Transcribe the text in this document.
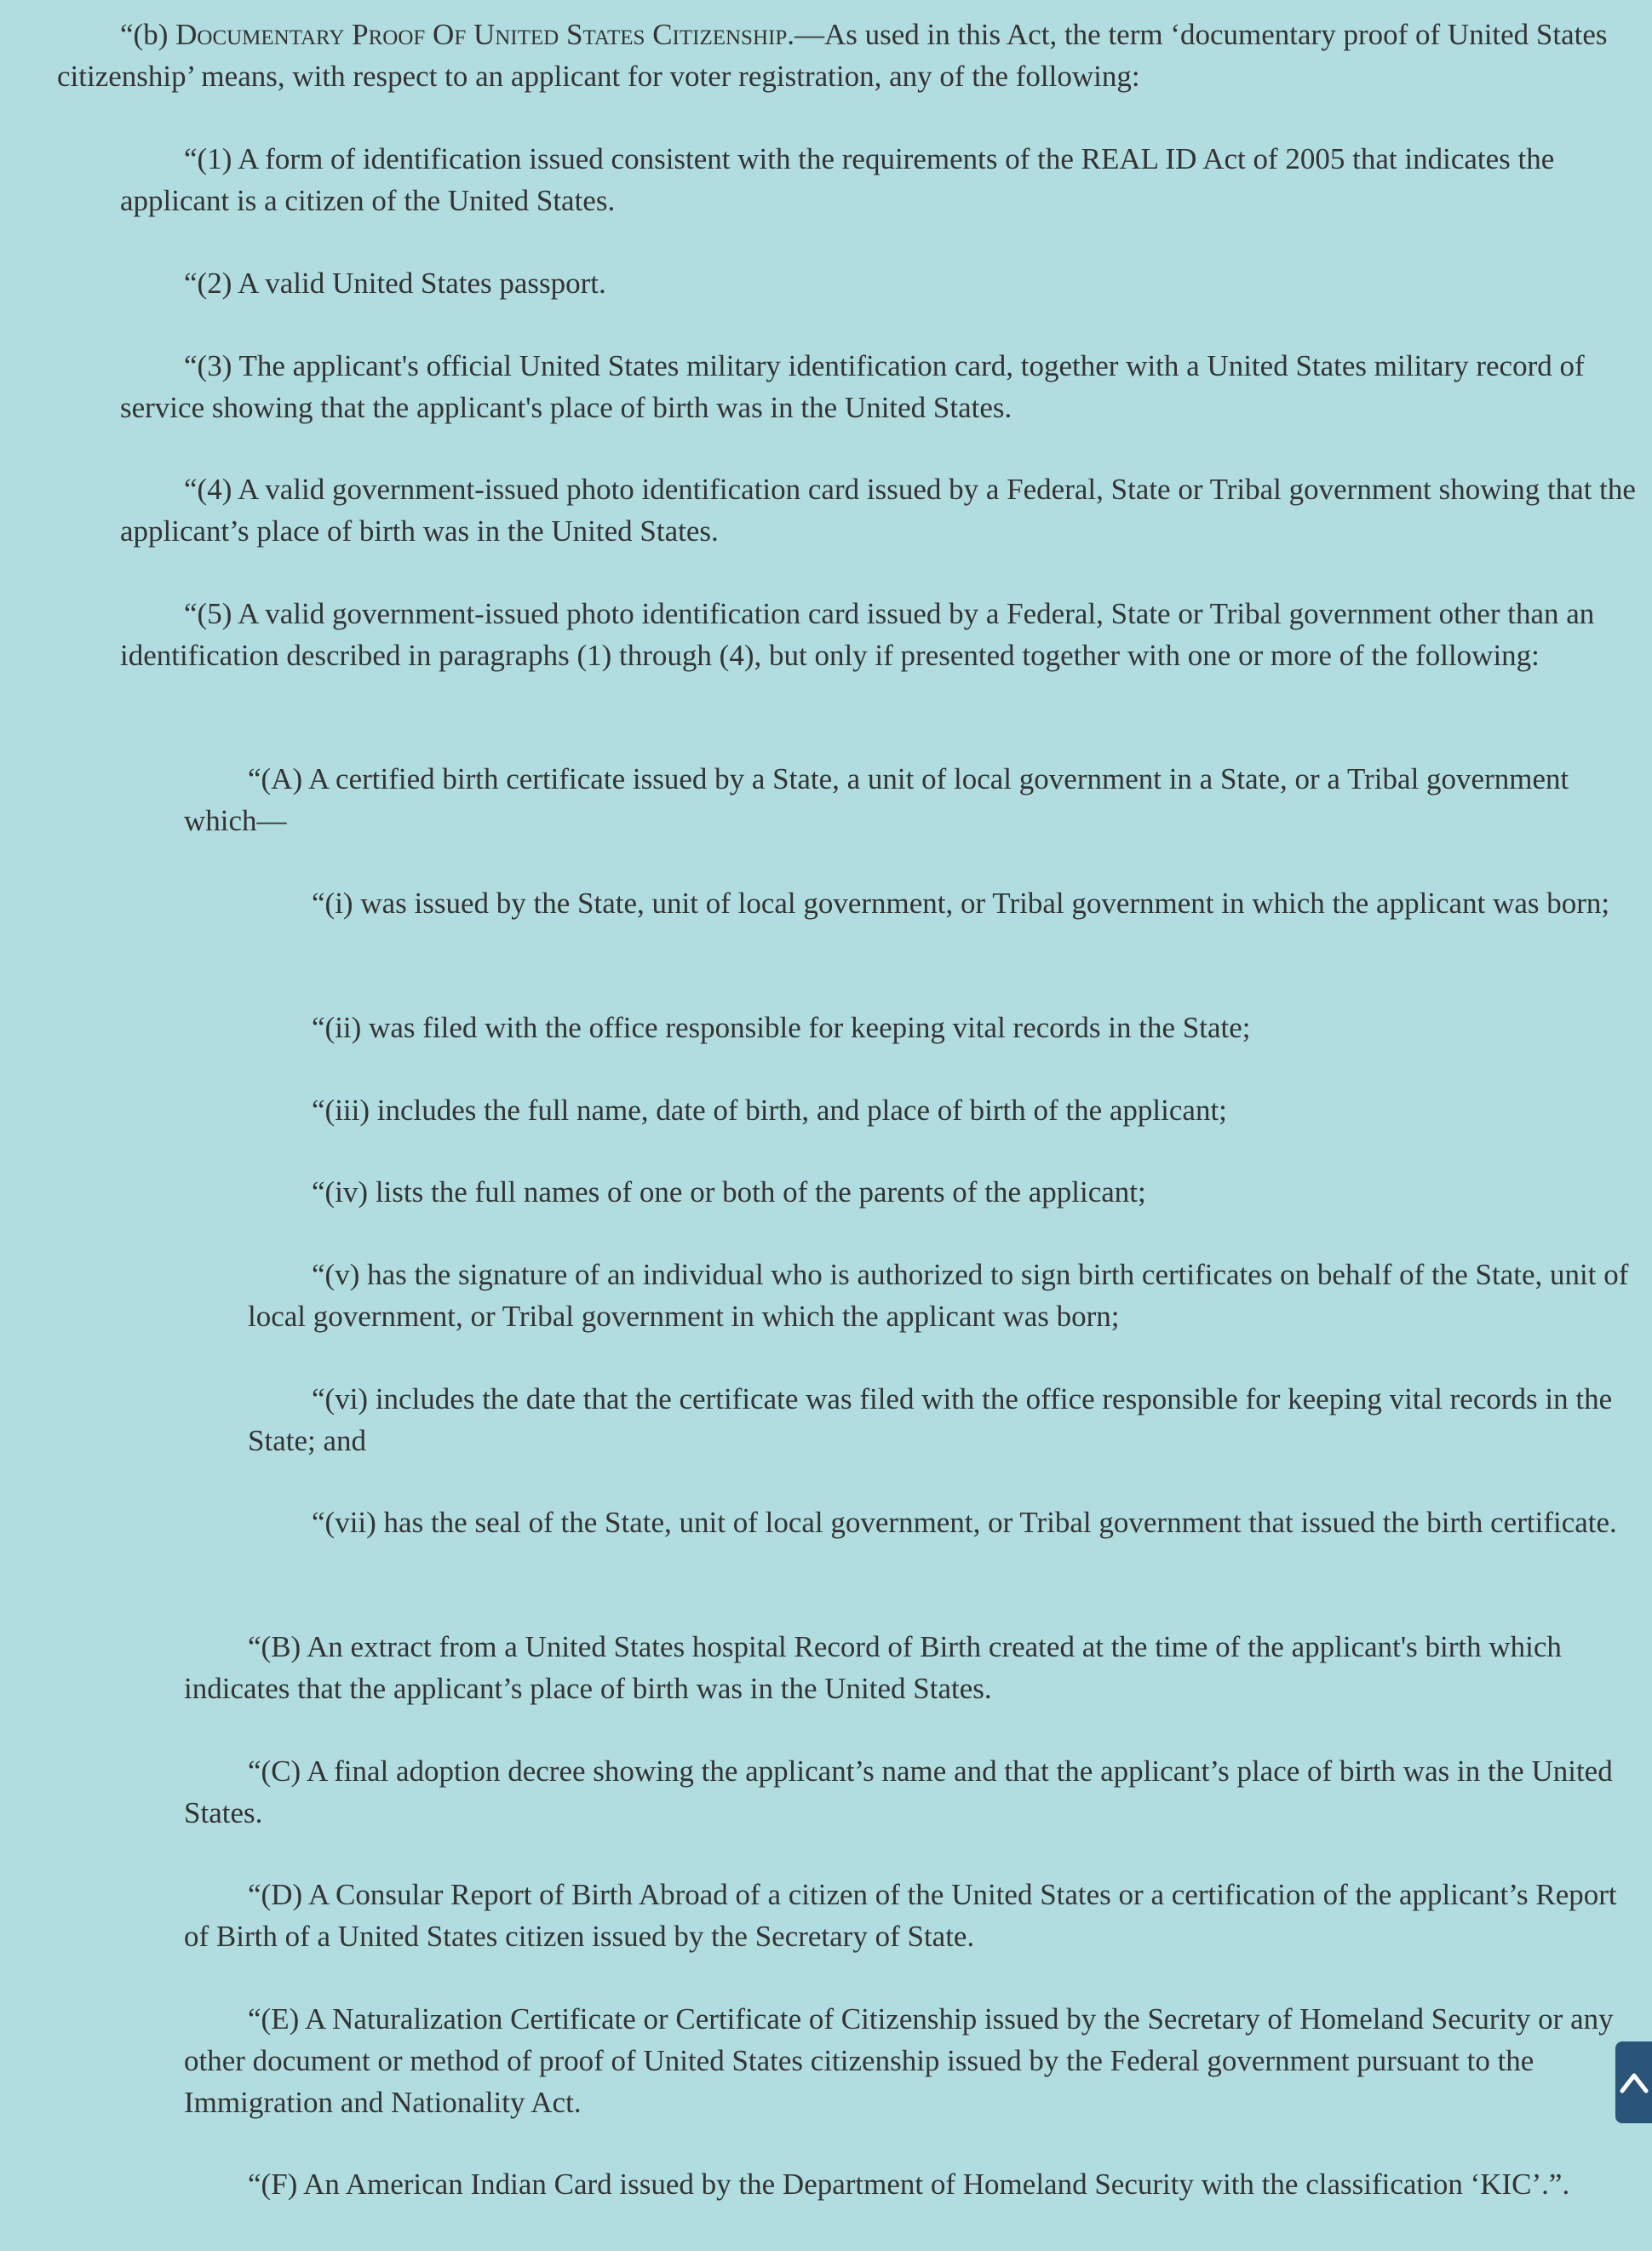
“(b) Documentary Proof Of United States Citizenship.—As used in this Act, the term ‘documentary proof of United States citizenship’ means, with respect to an applicant for voter registration, any of the following:

“(1) A form of identification issued consistent with the requirements of the REAL ID Act of 2005 that indicates the applicant is a citizen of the United States.

“(2) A valid United States passport.

“(3) The applicant's official United States military identification card, together with a United States military record of service showing that the applicant's place of birth was in the United States.

“(4) A valid government-issued photo identification card issued by a Federal, State or Tribal government showing that the applicant’s place of birth was in the United States.

“(5) A valid government-issued photo identification card issued by a Federal, State or Tribal government other than an identification described in paragraphs (1) through (4), but only if presented together with one or more of the following:

“(A) A certified birth certificate issued by a State, a unit of local government in a State, or a Tribal government which—

“(i) was issued by the State, unit of local government, or Tribal government in which the applicant was born;

“(ii) was filed with the office responsible for keeping vital records in the State;

“(iii) includes the full name, date of birth, and place of birth of the applicant;

“(iv) lists the full names of one or both of the parents of the applicant;

“(v) has the signature of an individual who is authorized to sign birth certificates on behalf of the State, unit of local government, or Tribal government in which the applicant was born;

“(vi) includes the date that the certificate was filed with the office responsible for keeping vital records in the State; and

“(vii) has the seal of the State, unit of local government, or Tribal government that issued the birth certificate.

“(B) An extract from a United States hospital Record of Birth created at the time of the applicant's birth which indicates that the applicant’s place of birth was in the United States.

“(C) A final adoption decree showing the applicant’s name and that the applicant’s place of birth was in the United States.

“(D) A Consular Report of Birth Abroad of a citizen of the United States or a certification of the applicant’s Report of Birth of a United States citizen issued by the Secretary of State.

“(E) A Naturalization Certificate or Certificate of Citizenship issued by the Secretary of Homeland Security or any other document or method of proof of United States citizenship issued by the Federal government pursuant to the Immigration and Nationality Act.

“(F) An American Indian Card issued by the Department of Homeland Security with the classification ‘KIC’.”.
